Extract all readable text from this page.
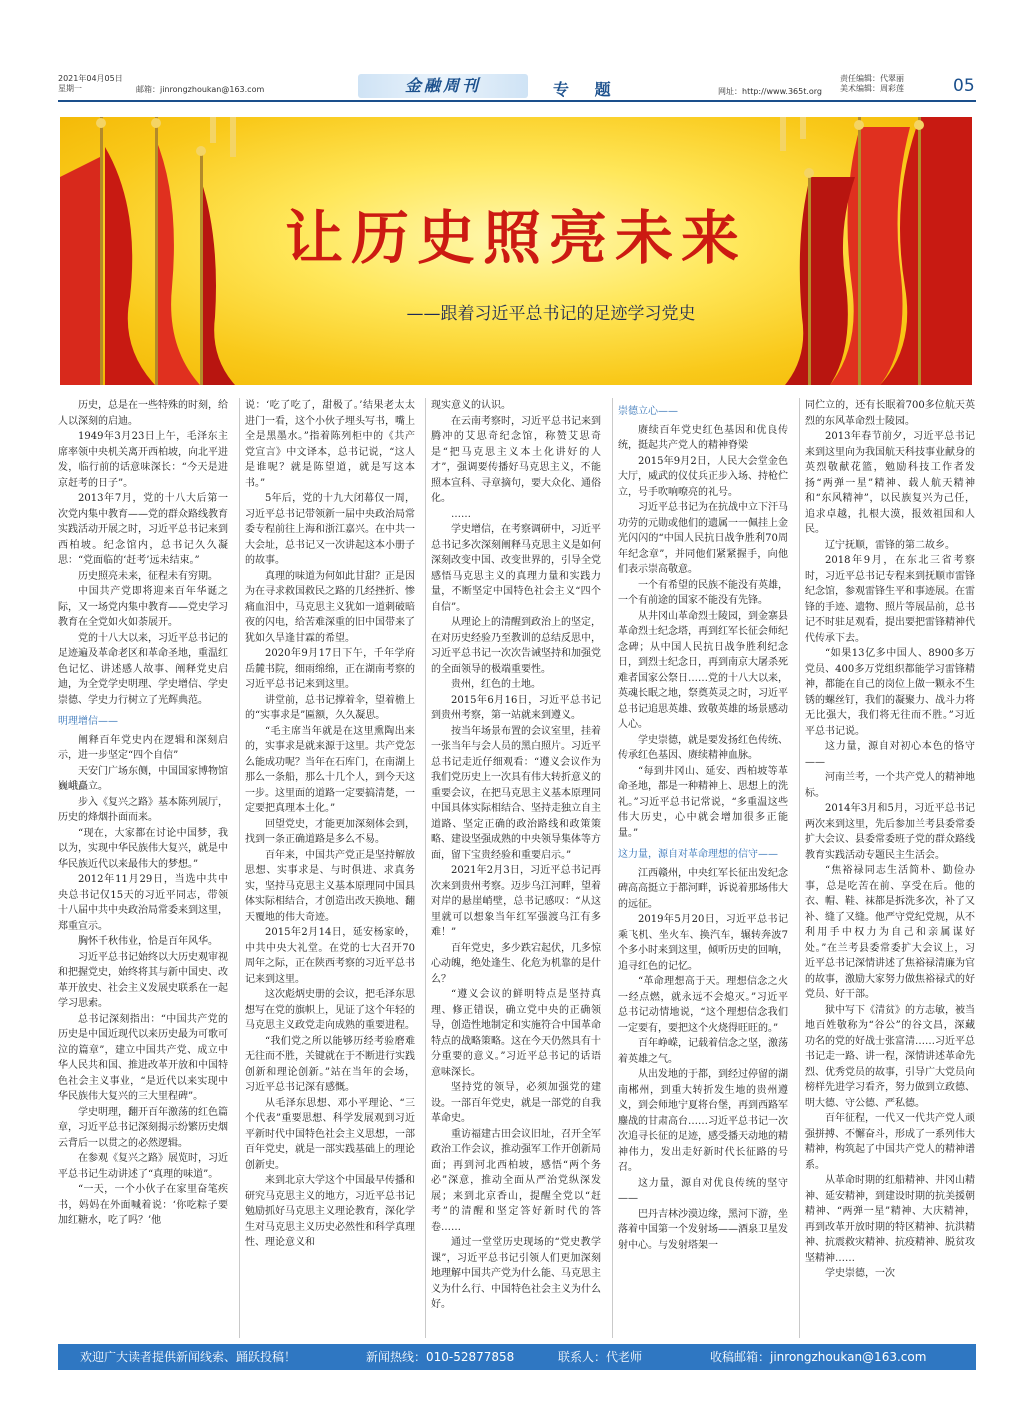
2021年04月05日
星期一	邮箱：jinrongzhoukan@163.com	金融周刊	专 题	网址：http://www.365t.org
责任编辑：代翠丽
美术编辑：周彩莲	05
让历史照亮未来
——跟着习近平总书记的足迹学习党史

历史，总是在一些特殊的时刻，给人以深刻的启迪。

1949年3月23日上午，毛泽东主席率领中央机关离开西柏坡，向北平进发，临行前的话意味深长：“今天是进京赶考的日子”。

2013年7月，党的十八大后第一次党内集中教育——党的群众路线教育实践活动开展之时，习近平总书记来到西柏坡。纪念馆内，总书记久久凝思：“党面临的‘赶考’远未结束。”

历史照亮未来，征程未有穷期。

中国共产党即将迎来百年华诞之际，又一场党内集中教育——党史学习教育在全党如火如荼展开。

党的十八大以来，习近平总书记的足迹遍及革命老区和革命圣地，重温红色记忆、讲述感人故事、阐释党史启迪，为全党学史明理、学史增信、学史崇德、学史力行树立了光辉典范。

明理增信——

阐释百年党史内在逻辑和深刻启示，进一步坚定“四个自信”

天安门广场东侧，中国国家博物馆巍峨矗立。

步入《复兴之路》基本陈列展厅，历史的烽烟扑面而来。

“现在，大家都在讨论中国梦，我以为，实现中华民族伟大复兴，就是中华民族近代以来最伟大的梦想。”

2012年11月29日，当选中共中央总书记仅15天的习近平同志，带领十八届中共中央政治局常委来到这里，郑重宣示。

胸怀千秋伟业，恰是百年风华。

习近平总书记始终以大历史观审视和把握党史，始终将其与新中国史、改革开放史、社会主义发展史联系在一起学习思索。

总书记深刻指出：“中国共产党的历史是中国近现代以来历史最为可歌可泣的篇章”，建立中国共产党、成立中华人民共和国、推进改革开放和中国特色社会主义事业，“是近代以来实现中华民族伟大复兴的三大里程碑”。

学史明理，翻开百年激荡的红色篇章，习近平总书记深刻揭示纷繁历史烟云背后一以贯之的必然逻辑。

在参观《复兴之路》展览时，习近平总书记生动讲述了“真理的味道”。

“一天，一个小伙子在家里奋笔疾书，妈妈在外面喊着说：‘你吃粽子要加红糖水，吃了吗？’他

说：‘吃了吃了，甜极了。’结果老太太进门一看，这个小伙子埋头写书，嘴上全是黑墨水。”指着陈列柜中的《共产党宣言》中文译本，总书记说，“这人是谁呢？就是陈望道，就是写这本书。”

5年后，党的十九大闭幕仅一周，习近平总书记带领新一届中央政治局常委专程前往上海和浙江嘉兴。在中共一大会址，总书记又一次讲起这本小册子的故事。

真理的味道为何如此甘甜？正是因为在寻求救国救民之路的几经挫折、惨痛血泪中，马克思主义犹如一道刺破暗夜的闪电，给苦难深重的旧中国带来了犹如久旱逢甘霖的希望。

2020年9月17日下午，千年学府岳麓书院，细雨绵绵，正在湖南考察的习近平总书记来到这里。

讲堂前，总书记撑着伞，望着檐上的“实事求是”匾额，久久凝思。

“毛主席当年就是在这里熏陶出来的，实事求是就来源于这里。共产党怎么能成功呢？当年在石库门，在南湖上那么一条船，那么十几个人，到今天这一步。这里面的道路一定要搞清楚，一定要把真理本土化。”

回望党史，才能更加深刻体会到，找到一条正确道路是多么不易。

百年来，中国共产党正是坚持解放思想、实事求是、与时俱进、求真务实，坚持马克思主义基本原理同中国具体实际相结合，才创造出改天换地、翻天覆地的伟大奇迹。

2015年2月14日，延安杨家岭，中共中央大礼堂。在党的七大召开70周年之际，正在陕西考察的习近平总书记来到这里。

这次彪炳史册的会议，把毛泽东思想写在党的旗帜上，见证了这个年轻的马克思主义政党走向成熟的重要进程。

“我们党之所以能够历经考验磨难无往而不胜，关键就在于不断进行实践创新和理论创新。”站在当年的会场，习近平总书记深有感慨。

从毛泽东思想、邓小平理论、“三个代表”重要思想、科学发展观到习近平新时代中国特色社会主义思想，一部百年党史，就是一部实践基础上的理论创新史。

来到北京大学这个中国最早传播和研究马克思主义的地方，习近平总书记勉励抓好马克思主义理论教育，深化学生对马克思主义历史必然性和科学真理性、理论意义和

现实意义的认识。

在云南考察时，习近平总书记来到腾冲的艾思奇纪念馆，称赞艾思奇是“把马克思主义本土化讲好的人才”，强调要传播好马克思主义，不能照本宣科、寻章摘句，要大众化、通俗化。

……

学史增信，在考察调研中，习近平总书记多次深刻阐释马克思主义是如何深刻改变中国、改变世界的，引导全党感悟马克思主义的真理力量和实践力量，不断坚定中国特色社会主义“四个自信”。

从理论上的清醒到政治上的坚定，在对历史经验乃至教训的总结反思中，习近平总书记一次次告诫坚持和加强党的全面领导的极端重要性。

贵州，红色的土地。

2015年6月16日，习近平总书记到贵州考察，第一站就来到遵义。

按当年场景布置的会议室里，挂着一张当年与会人员的黑白照片。习近平总书记走近仔细观看：“遵义会议作为我们党历史上一次具有伟大转折意义的重要会议，在把马克思主义基本原理同中国具体实际相结合、坚持走独立自主道路、坚定正确的政治路线和政策策略、建设坚强成熟的中央领导集体等方面，留下宝贵经验和重要启示。”

2021年2月3日，习近平总书记再次来到贵州考察。迈步乌江河畔，望着对岸的悬崖峭壁，总书记感叹：“从这里就可以想象当年红军强渡乌江有多难！”

百年党史，多少跌宕起伏，几多惊心动魄，绝处逢生、化危为机靠的是什么？

“遵义会议的鲜明特点是坚持真理、修正错误，确立党中央的正确领导，创造性地制定和实施符合中国革命特点的战略策略。这在今天仍然具有十分重要的意义。”习近平总书记的话语意味深长。

坚持党的领导，必须加强党的建设。一部百年党史，就是一部党的自我革命史。

重访福建古田会议旧址，召开全军政治工作会议，推动强军工作开创新局面；再到河北西柏坡，感悟“两个务必”深意，推动全面从严治党纵深发展；来到北京香山，提醒全党以“赶考”的清醒和坚定答好新时代的答卷……

通过一堂堂历史现场的“党史教学课”，习近平总书记引领人们更加深刻地理解中国共产党为什么能、马克思主义为什么行、中国特色社会主义为什么好。

崇德立心——

赓续百年党史红色基因和优良传统，挺起共产党人的精神脊梁

2015年9月2日，人民大会堂金色大厅，威武的仪仗兵正步入场、持枪伫立，号手吹响嘹亮的礼号。

习近平总书记为在抗战中立下汗马功劳的元勋或他们的遗属一一佩挂上金光闪闪的“中国人民抗日战争胜利70周年纪念章”，并同他们紧紧握手，向他们表示崇高敬意。

一个有希望的民族不能没有英雄，一个有前途的国家不能没有先锋。

从井冈山革命烈士陵园，到金寨县革命烈士纪念塔，再到红军长征会师纪念碑；从中国人民抗日战争胜利纪念日，到烈士纪念日，再到南京大屠杀死难者国家公祭日……党的十八大以来，英魂长眠之地，祭奠英灵之时，习近平总书记追思英雄、致敬英雄的场景感动人心。

学史崇德，就是要发扬红色传统、传承红色基因、赓续精神血脉。

“每到井冈山、延安、西柏坡等革命圣地，都是一种精神上、思想上的洗礼。”习近平总书记常说，“多重温这些伟大历史，心中就会增加很多正能量。”

这力量，源自对革命理想的信守——

江西赣州，中央红军长征出发纪念碑高高挺立于都河畔，诉说着那场伟大的远征。

2019年5月20日，习近平总书记乘飞机、坐火车、换汽车，辗转奔波7个多小时来到这里，倾听历史的回响，追寻红色的记忆。

“革命理想高于天。理想信念之火一经点燃，就永远不会熄灭。”习近平总书记动情地说，“这个理想信念我们一定要有，要把这个火烧得旺旺的。”

百年峥嵘，记载着信念之坚，激荡着英雄之气。

从出发地的于都，到经过停留的湖南郴州，到重大转折发生地的贵州遵义，到会师地宁夏将台堡，再到西路军鏖战的甘肃高台……习近平总书记一次次追寻长征的足迹，感受播天动地的精神伟力，发出走好新时代长征路的号召。

这力量，源自对优良传统的坚守——

巴丹吉林沙漠边缘，黑河下游，坐落着中国第一个发射场——酒泉卫星发射中心。与发射塔架一

同伫立的，还有长眠着700多位航天英烈的东风革命烈士陵园。

2013年春节前夕，习近平总书记来到这里向为我国航天科技事业献身的英烈敬献花篮，勉励科技工作者发扬“两弹一星”精神、载人航天精神和“东风精神”，以民族复兴为己任，追求卓越，扎根大漠，报效祖国和人民。

辽宁抚顺，雷锋的第二故乡。

2018年9月，在东北三省考察时，习近平总书记专程来到抚顺市雷锋纪念馆，参观雷锋生平和事迹展。在雷锋的手迹、遗物、照片等展品前，总书记不时驻足观看，提出要把雷锋精神代代传承下去。

“如果13亿多中国人、8900多万党员、400多万党组织都能学习雷锋精神，都能在自己的岗位上做一颗永不生锈的螺丝钉，我们的凝聚力、战斗力将无比强大，我们将无往而不胜。”习近平总书记说。

这力量，源自对初心本色的恪守——

河南兰考，一个共产党人的精神地标。

2014年3月和5月，习近平总书记两次来到这里，先后参加兰考县委常委扩大会议、县委常委班子党的群众路线教育实践活动专题民主生活会。

“焦裕禄同志生活简朴、勤俭办事，总是吃苦在前、享受在后。他的衣、帽、鞋、袜都是拆洗多次，补了又补、缝了又缝。他严守党纪党规，从不利用手中权力为自己和亲属谋好处。”在兰考县委常委扩大会议上，习近平总书记深情讲述了焦裕禄清廉为官的故事，激励大家努力做焦裕禄式的好党员、好干部。

狱中写下《清贫》的方志敏，被当地百姓敬称为“谷公”的谷文昌，深藏功名的党的好战士张富清……习近平总书记走一路、讲一程，深情讲述革命先烈、优秀党员的故事，引导广大党员向榜样先进学习看齐，努力做到立政德、明大德、守公德、严私德。

百年征程，一代又一代共产党人顽强拼搏、不懈奋斗，形成了一系列伟大精神，构筑起了中国共产党人的精神谱系。

从革命时期的红船精神、井冈山精神、延安精神，到建设时期的抗美援朝精神、“两弹一星”精神、大庆精神，再到改革开放时期的特区精神、抗洪精神、抗震救灾精神、抗疫精神、脱贫攻坚精神……

学史崇德，一次

欢迎广大读者提供新闻线索、踊跃投稿！	新闻热线：010-52877858	联系人：代老师	收稿邮箱：jinrongzhoukan@163.com
